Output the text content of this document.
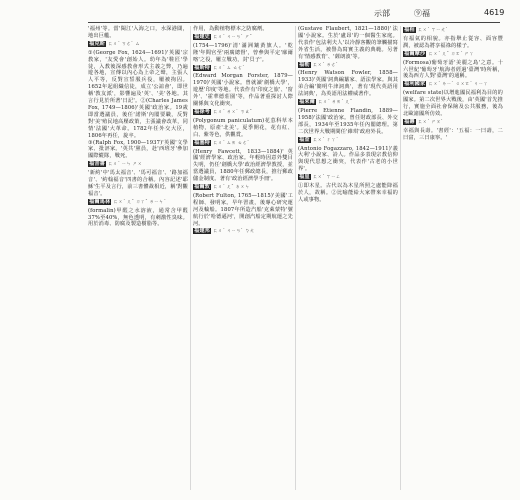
示部	⑨福	4619

'福州'等。當'閩江'入海之口，水深港闊，地出巨艦。

福克斯 ㄈㄨˊ ㄎㄜˋ ㄙ

①(George Fox, 1624—1691)'英國'宗教家，'友愛會'創始人。幼年為'鞋匠'學徒，入教後深感教會形式主義之弊，乃遍遊各地，宣傳以內心為上帝之聲，主張人人平等，反對宣誓服兵役，屢被拘囚。1652年起組織信徒，成立'公誼會'，即世稱'教友派'，影響遍及'英'、'美'各地。其言行見於所著'日記'。②(Charles James Fox, 1749—1806)'英國'政治家。19歲即當選議員，後任'諾斯'內閣要職，反對對'美'殖民地高壓政策，主張議會改革，同情'法國'大革命。1782年任外交大臣，1806年再任，旋卒。

③(Ralph Fox, 1900—1937)'英國'文學家、批評家。'英共'黨員，赴'西班牙'參加國際縱隊，戰死。

福音書 ㄈㄨˊ ㄧㄣ ㄕㄨ

'新約'中'馬太福音'、'馬可福音'、'路加福音'、'約翰福音'四書的合稱。內容記述'耶穌'生平及言行，前三書體裁相近，稱'對觀福音'。

福爾馬林 ㄈㄨˊ ㄦˇ ㄇㄚˇ ㄌㄧㄣˊ

(formalin)甲醛之水溶液，通常含甲醛37%至40%，無色透明，有刺激性臭味。用於消毒、防腐及製造樹脂等。

作用，為動植物標本之防腐劑。

福建史 ㄈㄨˊ ㄐㄧㄢˋ ㄕˇ

(1754—1796)'清'滿洲鑲黃旗人。'乾隆'年間官至'兩廣總督'，曾參與平定'廓爾喀'之役，屢立戰功，封'貝子'。

福斯特 ㄈㄨˊ ㄙ ㄊㄜˋ

(Edward Morgan Forster, 1879—1970)'英國'小說家。曾就讀'劍橋大學'，遊歷'印度'等地。代表作有'印度之旅'、'窗外'、'霍華德莊園'等，作品著重探討人際關係與文化衝突。

福祿考 ㄈㄨˊ ㄌㄨˋ ㄎㄠˇ

(Polygonum paniculatum)花荵科草本植物，原產'北美'。夏季開花，花有紅、白、紫等色，供觀賞。

福塞特 ㄈㄨˊ ㄙㄞ ㄊㄜˋ

(Henry Fawcett, 1833—1884)'英國'經濟學家、政治家。年輕時因意外雙目失明，仍任'劍橋大學'政治經濟學教授，並當選議員，1880年任郵政總長，推行郵政儲金制度。著有'政治經濟學手冊'。

福爾敦 ㄈㄨˊ ㄦˇ ㄉㄨㄣ

(Robert Fulton, 1765—1815)'美國'工程師、發明家。早年習畫，後專心研究運河及輪船。1807年所造汽船'克萊蒙特'號航行於'哈德遜河'，開創汽船定期航運之先河。

福建邦 ㄈㄨˊ ㄐㄧㄢˋ ㄅㄤ

(Gustave Flaubert, 1821—1880)'法國'小說家。生於'盧昂'的一個醫生家庭。代表作'包法利夫人'以冷靜客觀的筆觸描寫外省生活，被譽為寫實主義的典範。另著有'情感教育'、'薩朗波'等。

福勒 ㄈㄨˊ ㄌㄜˋ

(Henry Watson Fowler, 1858—1933)'英國'詞典編纂家、語法學家。與其弟合編'簡明牛津詞典'，著有'現代英語用法詞典'，為英語用法權威著作。

福來爾 ㄈㄨˊ ㄌㄞˊ ㄦˇ

(Pierre Etienne Flandin, 1889—1958)'法國'政治家。曾任財政部長、外交部長，1934年至1935年任內閣總理。第二次世界大戰期間任'維琪'政府外長。

福查 ㄈㄨˊ ㄔㄚˊ

(Antonio Fogazzaro, 1842—1911)'義大利'小說家、詩人。作品多表現宗教信仰與現代思想之衝突，代表作'古老的小世界'。

福星 ㄈㄨˊ ㄒㄧㄥ

①即木星。古代以為木星所照之處能降福於人，故稱。②比喻能給大家帶來幸福的人或事物。

福相 ㄈㄨˊ ㄒㄧㄤˋ

有福氣的相貌。亦指舉止從容、面容豐潤，被認為將享福祿的樣子。

福爾摩沙 ㄈㄨˊ ㄦˇ ㄇㄛˊ ㄕㄚ

(Formosa)葡萄牙語'美麗之島'之意。十六世紀'葡萄牙'航海者經過'臺灣'時所稱，後為西方人對'臺灣'的通稱。

福利國家 ㄈㄨˊ ㄌㄧˋ ㄍㄨㄛˊ ㄐㄧㄚ

(welfare state)以增進國民福利為目的的國家。第二次世界大戰後，由'英國'首先推行，實施全面社會保險及公共服務，後為北歐諸國所仿效。

福壽 ㄈㄨˊ ㄕㄡˋ

幸福與長壽。'書經'：'五福：一曰壽，二曰富，三曰康寧。'
